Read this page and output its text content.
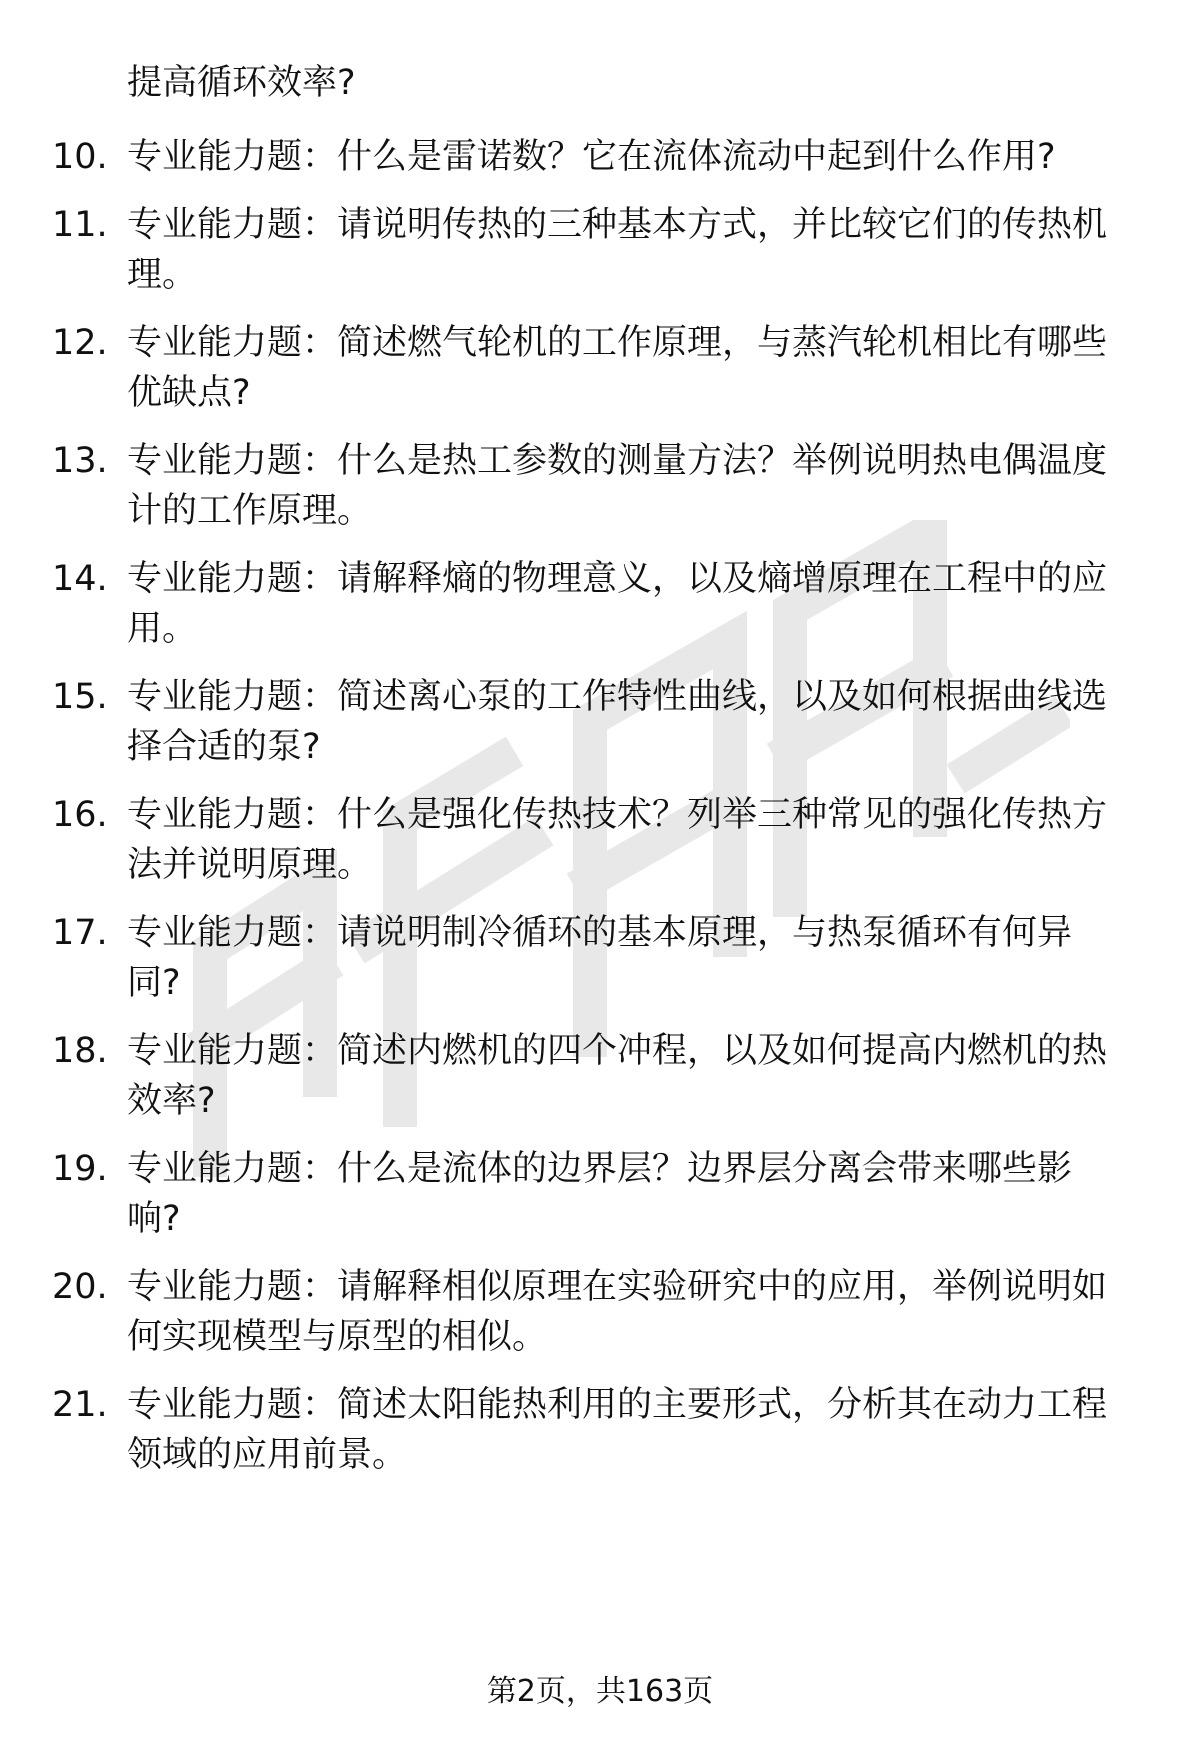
提高循环效率?
10. 专业能力题：什么是雷诺数？它在流体流动中起到什么作用?
11. 专业能力题：请说明传热的三种基本方式，并比较它们的传热机
理。
12. 专业能力题：简述燃气轮机的工作原理，与蒸汽轮机相比有哪些
优缺点?
13. 专业能力题：什么是热工参数的测量方法？举例说明热电偶温度
计的工作原理。
14. 专业能力题：请解释熵的物理意义，以及熵增原理在工程中的应
用。
15. 专业能力题：简述离心泵的工作特性曲线，以及如何根据曲线选
择合适的泵?
16. 专业能力题：什么是强化传热技术？列举三种常见的强化传热方
法并说明原理。
17. 专业能力题：请说明制冷循环的基本原理，与热泵循环有何异
同?
18. 专业能力题：简述内燃机的四个冲程，以及如何提高内燃机的热
效率?
19. 专业能力题：什么是流体的边界层？边界层分离会带来哪些影
响?
20. 专业能力题：请解释相似原理在实验研究中的应用，举例说明如
何实现模型与原型的相似。
21. 专业能力题：简述太阳能热利用的主要形式，分析其在动力工程
领域的应用前景。
第2页，共163页
